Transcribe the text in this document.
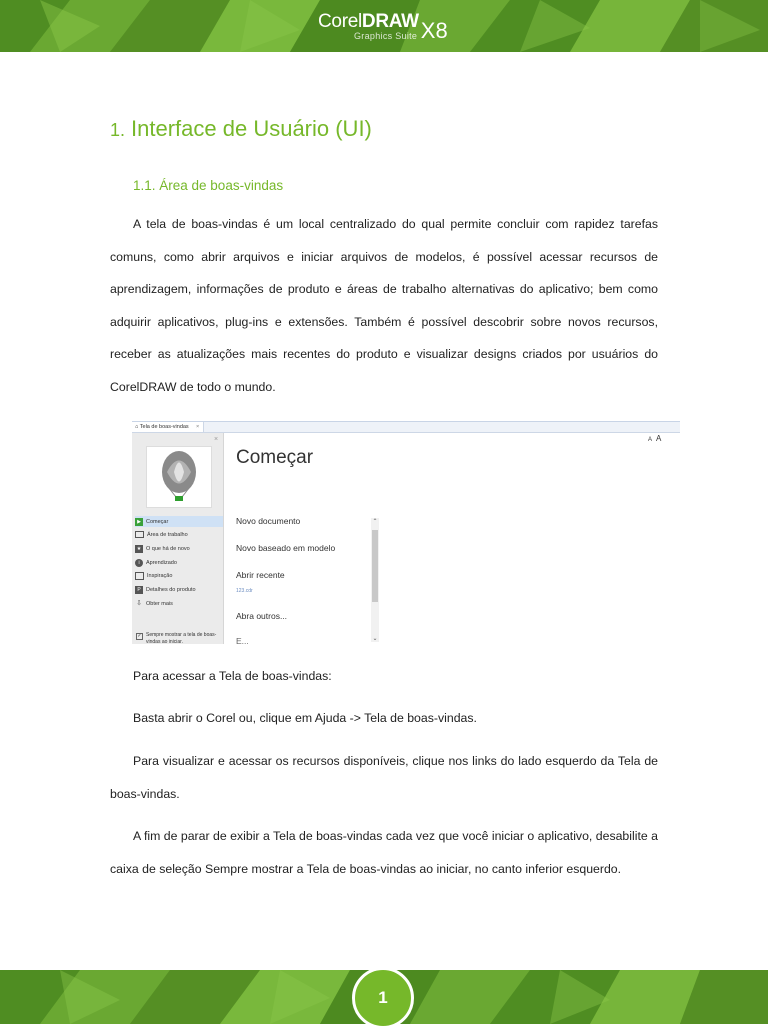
CorelDRAW
Graphics Suite X8
1. Interface de Usuário (UI)
1.1. Área de boas-vindas

A tela de boas-vindas é um local centralizado do qual permite concluir com rapidez tarefas comuns, como abrir arquivos e iniciar arquivos de modelos, é possível acessar recursos de aprendizagem, informações de produto e áreas de trabalho alternativas do aplicativo; bem como adquirir aplicativos, plug-ins e extensões. Também é possível descobrir sobre novos recursos, receber as atualizações mais recentes do produto e visualizar designs criados por usuários do CorelDRAW de todo o mundo.

Para acessar a Tela de boas-vindas:

Basta abrir o Corel ou, clique em Ajuda -> Tela de boas-vindas.

Para visualizar e acessar os recursos disponíveis, clique nos links do lado esquerdo da Tela de boas-vindas.

A fim de parar de exibir a Tela de boas-vindas cada vez que você iniciar o aplicativo, desabilite a caixa de seleção Sempre mostrar a Tela de boas-vindas ao iniciar, no canto inferior esquerdo.

⌂ Tela de boas-vindas	×
×
▶ Começar
Área de trabalho
★ O que há de novo
i	Aprendizado
Inspiração
P Detalhes do produto
⇩ Obter mais
✓ Sempre mostrar a tela de boas-vindas ao iniciar.
Começar
A A
Novo documento
Novo baseado em modelo
Abrir recente
123.cdr
Abra outros...
E...
⌃
⌄
1
